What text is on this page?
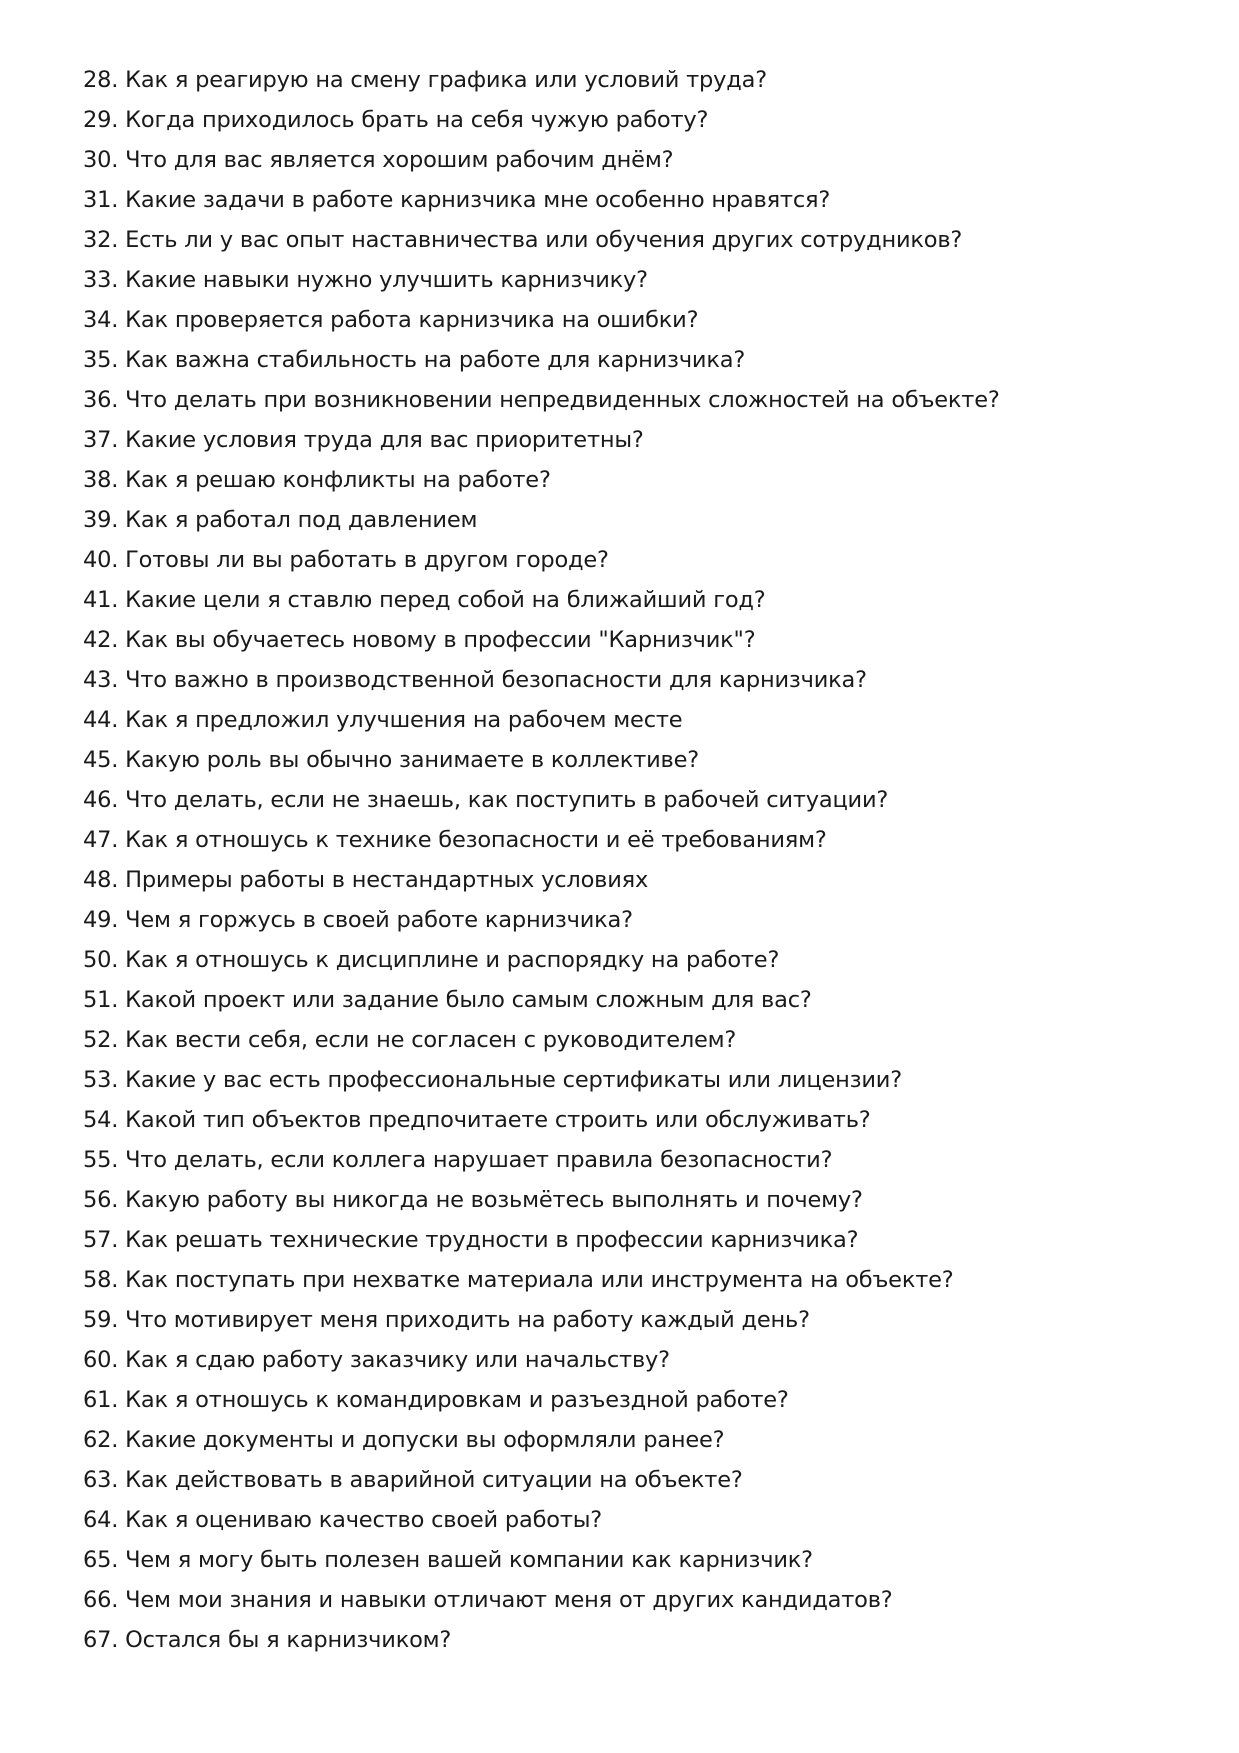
28. Как я реагирую на смену графика или условий труда?
29. Когда приходилось брать на себя чужую работу?
30. Что для вас является хорошим рабочим днём?
31. Какие задачи в работе карнизчика мне особенно нравятся?
32. Есть ли у вас опыт наставничества или обучения других сотрудников?
33. Какие навыки нужно улучшить карнизчику?
34. Как проверяется работа карнизчика на ошибки?
35. Как важна стабильность на работе для карнизчика?
36. Что делать при возникновении непредвиденных сложностей на объекте?
37. Какие условия труда для вас приоритетны?
38. Как я решаю конфликты на работе?
39. Как я работал под давлением
40. Готовы ли вы работать в другом городе?
41. Какие цели я ставлю перед собой на ближайший год?
42. Как вы обучаетесь новому в профессии "Карнизчик"?
43. Что важно в производственной безопасности для карнизчика?
44. Как я предложил улучшения на рабочем месте
45. Какую роль вы обычно занимаете в коллективе?
46. Что делать, если не знаешь, как поступить в рабочей ситуации?
47. Как я отношусь к технике безопасности и её требованиям?
48. Примеры работы в нестандартных условиях
49. Чем я горжусь в своей работе карнизчика?
50. Как я отношусь к дисциплине и распорядку на работе?
51. Какой проект или задание было самым сложным для вас?
52. Как вести себя, если не согласен с руководителем?
53. Какие у вас есть профессиональные сертификаты или лицензии?
54. Какой тип объектов предпочитаете строить или обслуживать?
55. Что делать, если коллега нарушает правила безопасности?
56. Какую работу вы никогда не возьмётесь выполнять и почему?
57. Как решать технические трудности в профессии карнизчика?
58. Как поступать при нехватке материала или инструмента на объекте?
59. Что мотивирует меня приходить на работу каждый день?
60. Как я сдаю работу заказчику или начальству?
61. Как я отношусь к командировкам и разъездной работе?
62. Какие документы и допуски вы оформляли ранее?
63. Как действовать в аварийной ситуации на объекте?
64. Как я оцениваю качество своей работы?
65. Чем я могу быть полезен вашей компании как карнизчик?
66. Чем мои знания и навыки отличают меня от других кандидатов?
67. Остался бы я карнизчиком?
